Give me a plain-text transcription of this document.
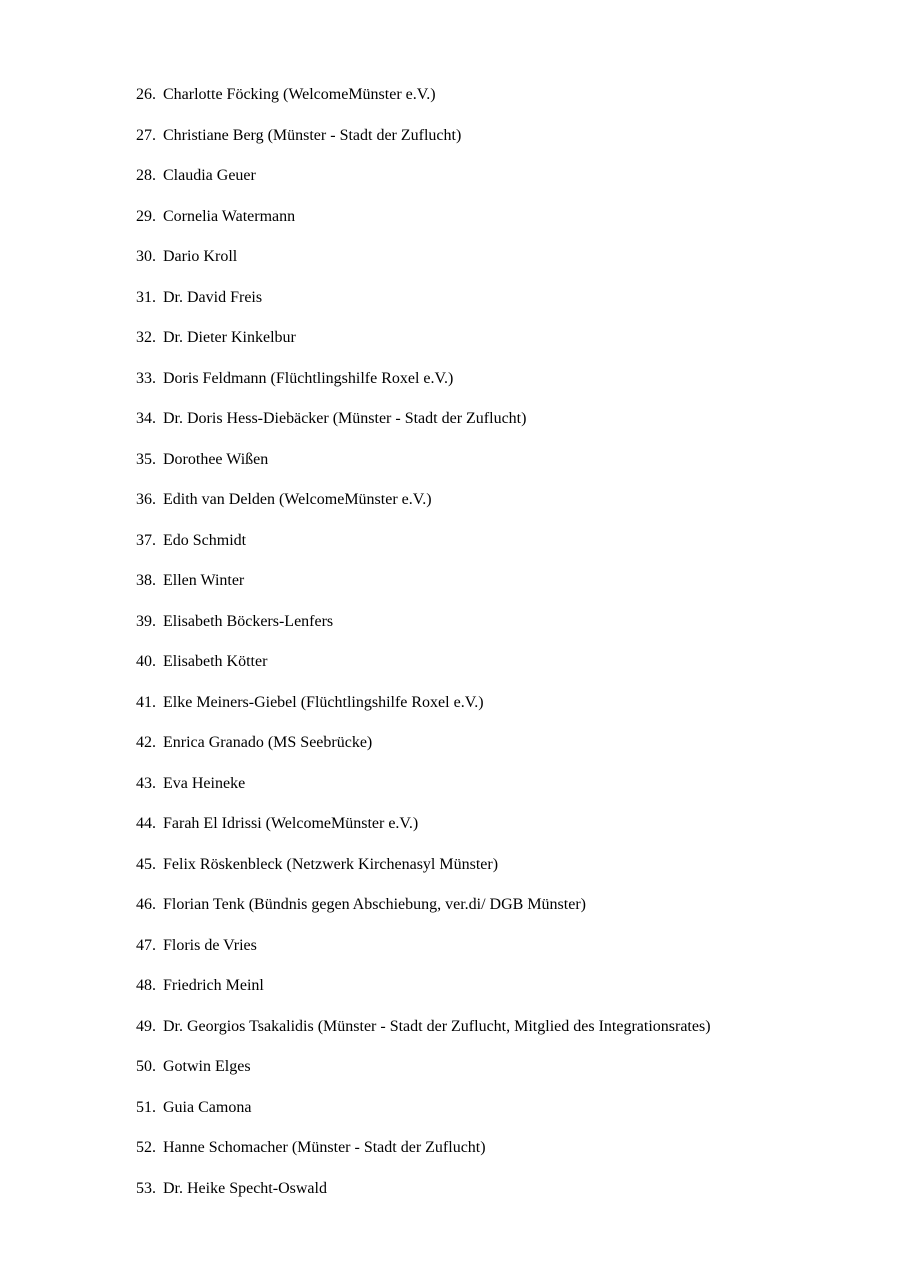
26. Charlotte Föcking (WelcomeMünster e.V.)
27. Christiane Berg (Münster - Stadt der Zuflucht)
28. Claudia Geuer
29. Cornelia Watermann
30. Dario Kroll
31. Dr. David Freis
32. Dr. Dieter Kinkelbur
33. Doris Feldmann (Flüchtlingshilfe Roxel e.V.)
34. Dr. Doris Hess-Diebäcker (Münster - Stadt der Zuflucht)
35. Dorothee Wißen
36. Edith van Delden (WelcomeMünster e.V.)
37. Edo Schmidt
38. Ellen Winter
39. Elisabeth Böckers-Lenfers
40. Elisabeth Kötter
41. Elke Meiners-Giebel (Flüchtlingshilfe Roxel e.V.)
42. Enrica Granado (MS Seebrücke)
43. Eva Heineke
44. Farah El Idrissi (WelcomeMünster e.V.)
45. Felix Röskenbleck (Netzwerk Kirchenasyl Münster)
46. Florian Tenk (Bündnis gegen Abschiebung, ver.di/ DGB Münster)
47. Floris de Vries
48. Friedrich Meinl
49. Dr. Georgios Tsakalidis (Münster - Stadt der Zuflucht, Mitglied des Integrationsrates)
50. Gotwin Elges
51. Guia Camona
52. Hanne Schomacher (Münster - Stadt der Zuflucht)
53. Dr. Heike Specht-Oswald
